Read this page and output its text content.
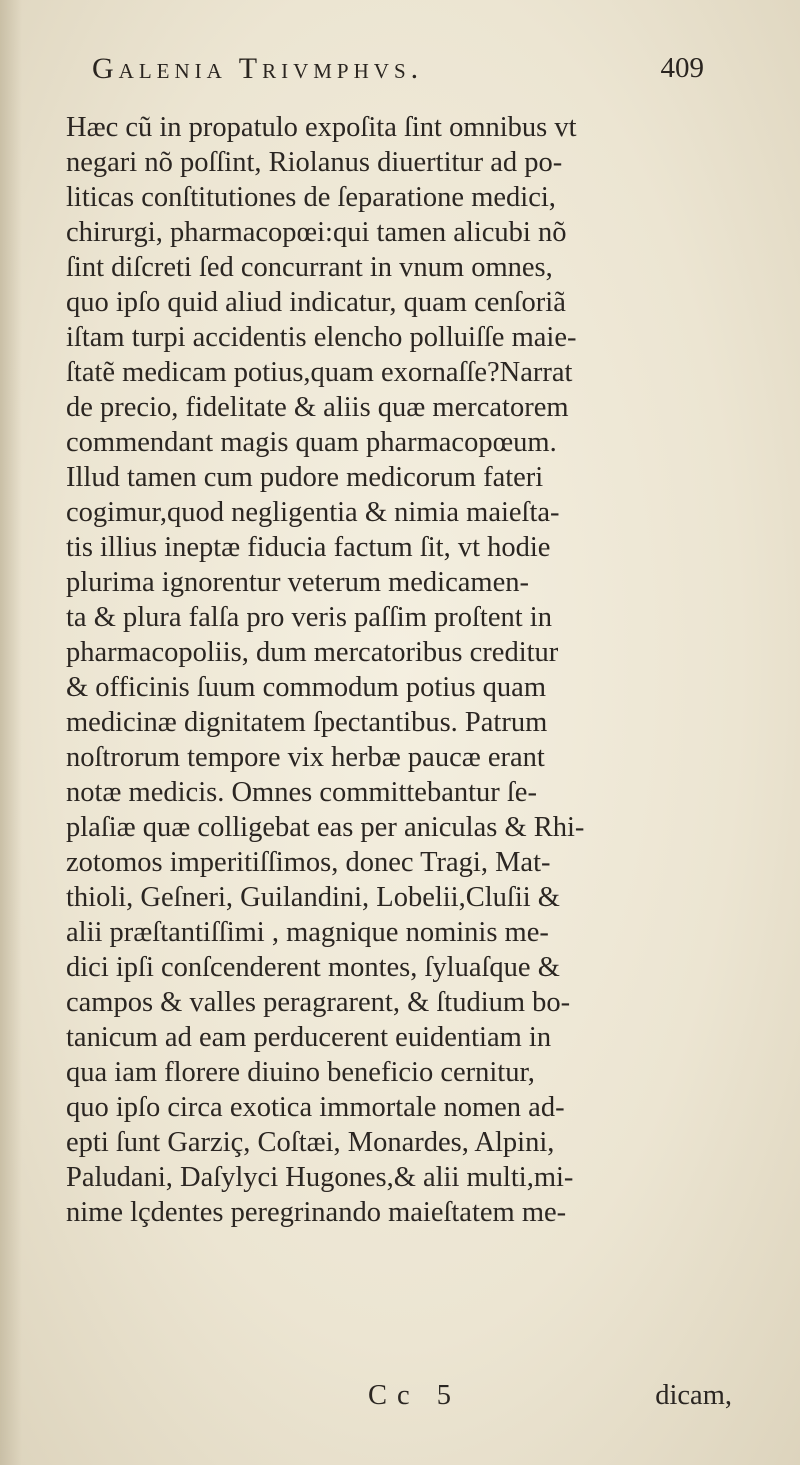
Galenia Trivmphvs.	409
Hæc cũ in propatulo expoſita ſint omnibus vt
negari nõ poſſint, Riolanus diuertitur ad po-
liticas conſtitutiones de ſeparatione medici,
chirurgi, pharmacopœi:qui tamen alicubi nõ
ſint diſcreti ſed concurrant in vnum omnes,
quo ipſo quid aliud indicatur, quam cenſoriã
iſtam turpi accidentis elencho polluiſſe maie-
ſtatẽ medicam potius,quam exornaſſe?Narrat
de precio, fidelitate & aliis quæ mercatorem
commendant magis quam pharmacopœum.
Illud tamen cum pudore medicorum fateri
cogimur,quod negligentia & nimia maieſta-
tis illius ineptæ fiducia factum ſit, vt hodie
plurima ignorentur veterum medicamen-
ta & plura falſa pro veris paſſim proſtent in
pharmacopoliis, dum mercatoribus creditur
& officinis ſuum commodum potius quam
medicinæ dignitatem ſpectantibus. Patrum
noſtrorum tempore vix herbæ paucæ erant
notæ medicis. Omnes committebantur ſe-
plaſiæ quæ colligebat eas per aniculas & Rhi-
zotomos imperitiſſimos, donec Tragi, Mat-
thioli, Geſneri, Guilandini, Lobelii,Cluſii &
alii præſtantiſſimi , magnique nominis me-
dici ipſi conſcenderent montes, ſyluaſque &
campos & valles peragrarent, & ſtudium bo-
tanicum ad eam perducerent euidentiam in
qua iam florere diuino beneficio cernitur,
quo ipſo circa exotica immortale nomen ad-
epti ſunt Garziç, Coſtæi, Monardes, Alpini,
Paludani, Daſylyci Hugones,& alii multi,mi-
nime lçdentes peregrinando maieſtatem me-
Cc 5	dicam,
